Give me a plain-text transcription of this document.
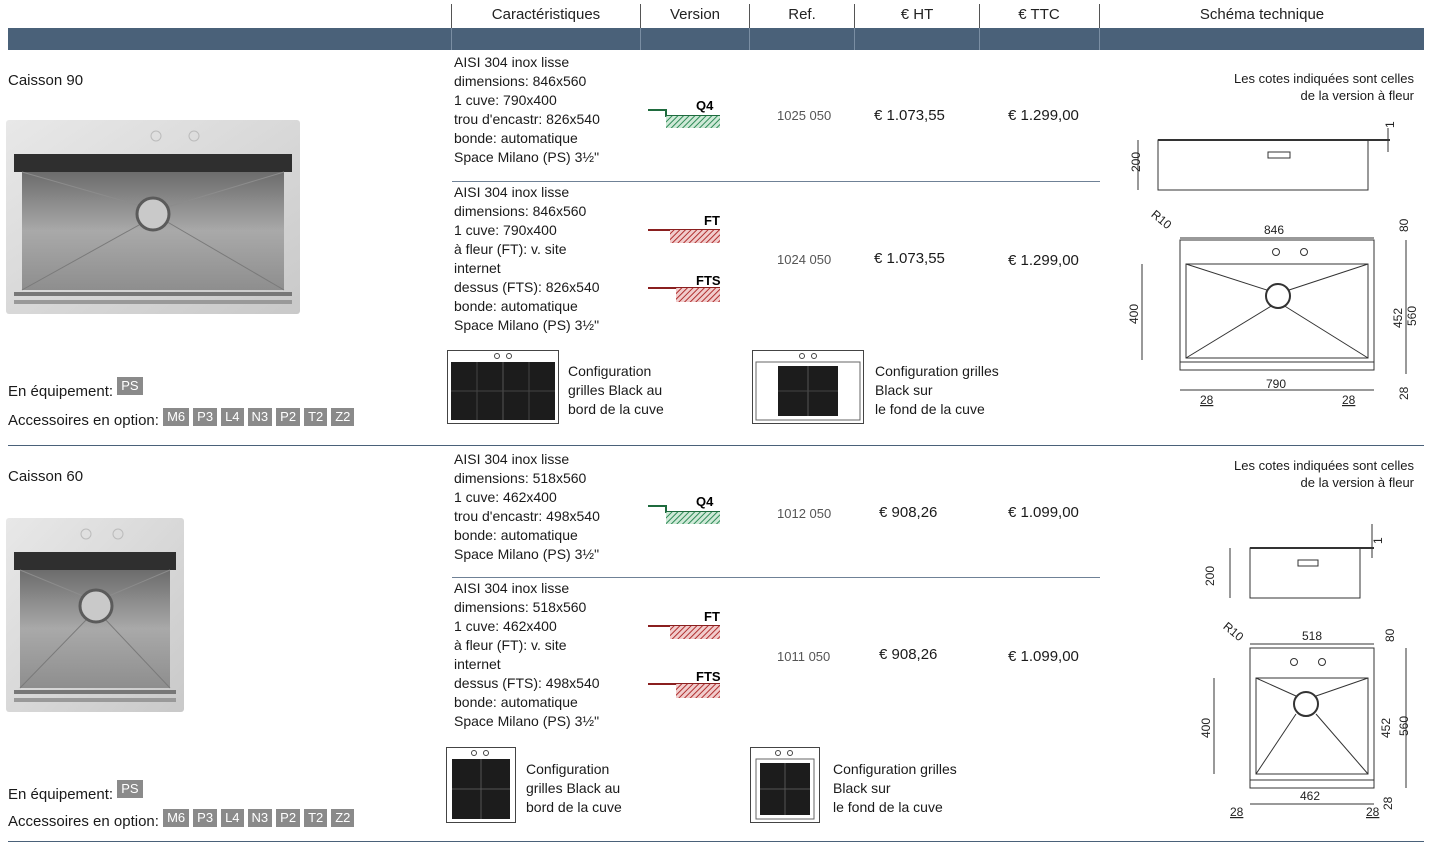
Caractéristiques	Version	Ref.	€ HT	€ TTC	Schéma technique
Caisson 90
AISI 304 inox lisse
dimensions: 846x560
1 cuve: 790x400
trou d'encastr: 826x540
bonde: automatique
Space Milano (PS) 3½"
Q4
1025 050	€ 1.073,55	€ 1.299,00
AISI 304 inox lisse
dimensions: 846x560
1 cuve: 790x400
à fleur (FT): v. site
internet
dessus (FTS): 826x540
bonde: automatique
Space Milano (PS) 3½"
FT
FTS
1024 050	€ 1.073,55	€ 1.299,00
Configuration
grilles Black au
bord de la cuve
Configuration grilles
Black sur
le fond de la cuve
En équipement: PS
Accessoires en option: M6 P3 L4 N3 P2 T2 Z2
Les cotes indiquées sont celles
de la version à fleur
200
1
R10	846	80
400	452 560
790
28	28	28
Caisson 60
AISI 304 inox lisse
dimensions: 518x560
1 cuve: 462x400
trou d'encastr: 498x540
bonde: automatique
Space Milano (PS) 3½"
Q4
1012 050	€ 908,26	€ 1.099,00
AISI 304 inox lisse
dimensions: 518x560
1 cuve: 462x400
à fleur (FT): v. site
internet
dessus (FTS): 498x540
bonde: automatique
Space Milano (PS) 3½"
FT
FTS
1011 050	€ 908,26	€ 1.099,00
Configuration
grilles Black au
bord de la cuve
Configuration grilles
Black sur
le fond de la cuve
En équipement: PS
Accessoires en option: M6 P3 L4 N3 P2 T2 Z2
Les cotes indiquées sont celles
de la version à fleur
200
1
R10	518	80
400	452 560
462
28	28
28
